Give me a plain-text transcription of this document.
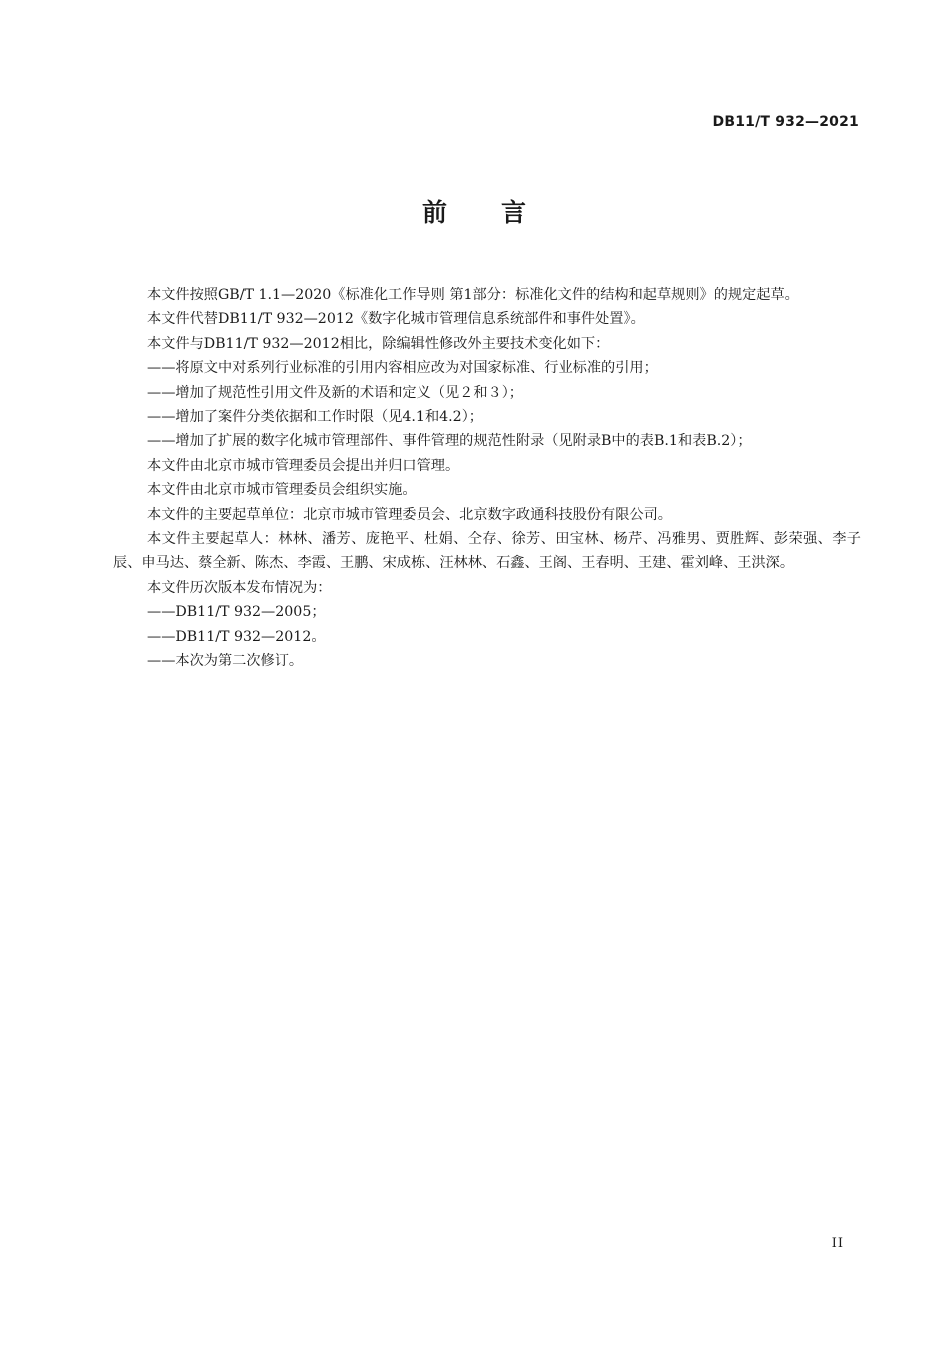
DB11/T 932—2021
前 言

本文件按照GB/T 1.1—2020《标准化工作导则 第1部分：标准化文件的结构和起草规则》的规定起草。

本文件代替DB11/T 932—2012《数字化城市管理信息系统部件和事件处置》。

本文件与DB11/T 932—2012相比，除编辑性修改外主要技术变化如下：

——将原文中对系列行业标准的引用内容相应改为对国家标准、行业标准的引用；

——增加了规范性引用文件及新的术语和定义（见２和３）；

——增加了案件分类依据和工作时限（见4.1和4.2）；

——增加了扩展的数字化城市管理部件、事件管理的规范性附录（见附录B中的表B.1和表B.2）；

本文件由北京市城市管理委员会提出并归口管理。

本文件由北京市城市管理委员会组织实施。

本文件的主要起草单位：北京市城市管理委员会、北京数字政通科技股份有限公司。

本文件主要起草人：林林、潘芳、庞艳平、杜娟、仝存、徐芳、田宝林、杨芹、冯雅男、贾胜辉、彭荣强、李子辰、申马达、蔡全新、陈杰、李霞、王鹏、宋成栋、汪林林、石鑫、王阁、王春明、王建、霍刘峰、王洪深。

本文件历次版本发布情况为：

——DB11/T 932—2005；

——DB11/T 932—2012。

——本次为第二次修订。

II
